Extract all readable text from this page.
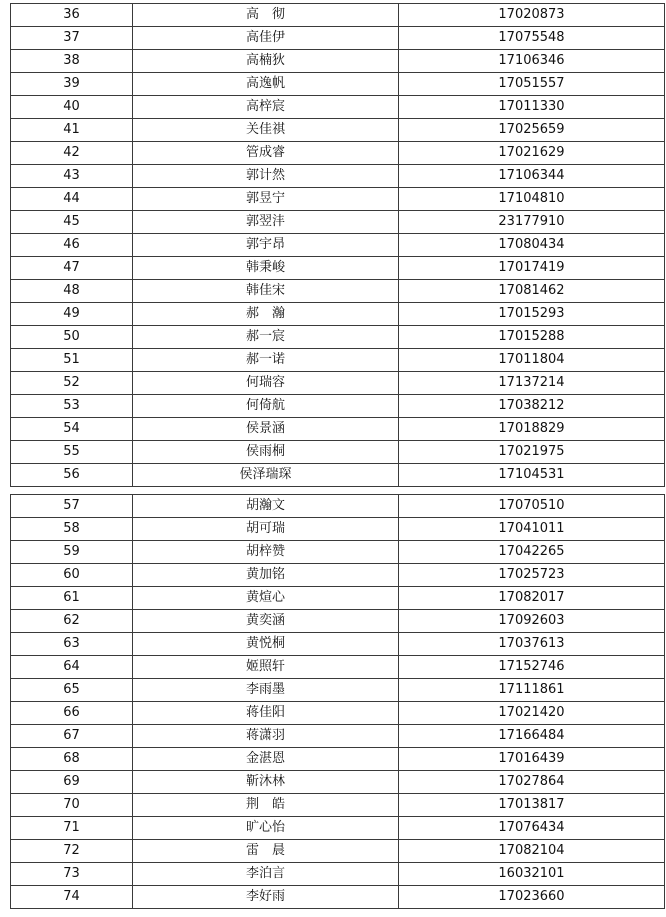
36	高　彻	17020873
37	高佳伊	17075548
38	高楠狄	17106346
39	高逸帆	17051557
40	高梓宸	17011330
41	关佳祺	17025659
42	管成睿	17021629
43	郭计然	17106344
44	郭昱宁	17104810
45	郭翌沣	23177910
46	郭宇昂	17080434
47	韩秉峻	17017419
48	韩佳宋	17081462
49	郝　瀚	17015293
50	郝一宸	17015288
51	郝一诺	17011804
52	何瑞容	17137214
53	何倚航	17038212
54	侯景涵	17018829
55	侯雨桐	17021975
56	侯泽瑞琛	17104531
57	胡瀚文	17070510
58	胡可瑞	17041011
59	胡梓赞	17042265
60	黄加铭	17025723
61	黄煊心	17082017
62	黄奕涵	17092603
63	黄悦桐	17037613
64	姬照轩	17152746
65	李雨墨	17111861
66	蒋佳阳	17021420
67	蒋潇羽	17166484
68	金湛恩	17016439
69	靳沐林	17027864
70	荆　皓	17013817
71	旷心怡	17076434
72	雷　晨	17082104
73	李泊言	16032101
74	李好雨	17023660
